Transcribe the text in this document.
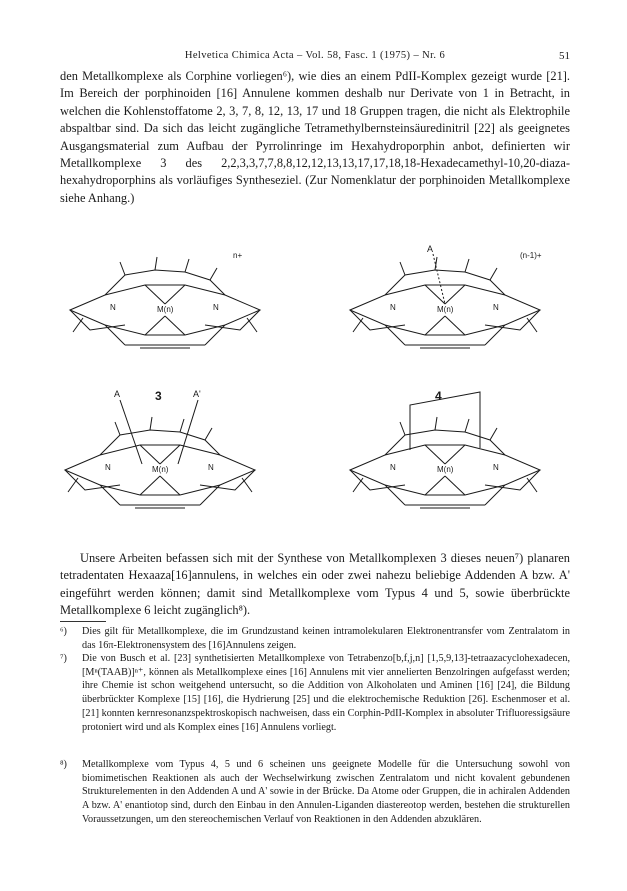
Helvetica Chimica Acta – Vol. 58, Fasc. 1 (1975) – Nr. 6	51

den Metallkomplexe als Corphine vorliegen⁶), wie dies an einem PdII-Komplex gezeigt wurde [21]. Im Bereich der porphinoiden [16] Annulene kommen deshalb nur Derivate von 1 in Betracht, in welchen die Kohlenstoffatome 2, 3, 7, 8, 12, 13, 17 und 18 Gruppen tragen, die nicht als Elektrophile abspaltbar sind. Da sich das leicht zugängliche Tetramethylbernsteinsäuredinitril [22] als geeignetes Ausgangsmaterial zum Aufbau der Pyrrolinringe im Hexahydroporphin anbot, definierten wir Metallkomplexe 3 des 2,2,3,3,7,7,8,8,12,12,13,13,17,17,18,18-Hexadecamethyl-10,20-diaza-hexahydroporphins als vorläufiges Syntheseziel. (Zur Nomenklatur der porphinoiden Metallkomplexe siehe Anhang.)

N	N
M(n)
n+
3
A
N	N
M(n)
(n-1)+
4
A	A'
N	N
M(n)	N	N
M(n)

Unsere Arbeiten befassen sich mit der Synthese von Metallkomplexen 3 dieses neuen⁷) planaren tetradentaten Hexaaza[16]annulens, in welches ein oder zwei nahezu beliebige Addenden A bzw. A' eingeführt werden können; damit sind Metallkomplexe vom Typus 4 und 5, sowie überbrückte Metallkomplexe 6 leicht zugänglich⁸).

⁶) Dies gilt für Metallkomplexe, die im Grundzustand keinen intramolekularen Elektronentransfer vom Zentralatom in das 16π-Elektronensystem des [16]Annulens zeigen.
⁷) Die von Busch et al. [23] synthetisierten Metallkomplexe von Tetrabenzo[b,f,j,n] [1,5,9,13]-tetraazacyclohexadecen, [Mⁿ(TAAB)]ⁿ⁺, können als Metallkomplexe eines [16] Annulens mit vier annelierten Benzolringen aufgefasst werden; ihre Chemie ist schon weitgehend untersucht, so die Addition von Alkoholaten und Aminen [16] [24], die Bildung überbrückter Komplexe [15] [16], die Hydrierung [25] und die elektrochemische Reduktion [26]. Eschenmoser et al. [21] konnten kernresonanzspektroskopisch nachweisen, dass ein Corphin-PdII-Komplex in absoluter Trifluoressigsäure protoniert wird und als Komplex eines [16] Annulens vorliegt.
⁸) Metallkomplexe vom Typus 4, 5 und 6 scheinen uns geeignete Modelle für die Untersuchung sowohl von biomimetischen Reaktionen als auch der Wechselwirkung zwischen Zentralatom und nicht kovalent gebundenen Strukturelementen in den Addenden A und A' sowie in der Brücke. Da Atome oder Gruppen, die in achiralen Addenden A bzw. A' enantiotop sind, durch den Einbau in den Annulen-Liganden diastereotop werden, bestehen die strukturellen Voraussetzungen, um den stereochemischen Verlauf von Reaktionen in den Addenden abzuklären.
